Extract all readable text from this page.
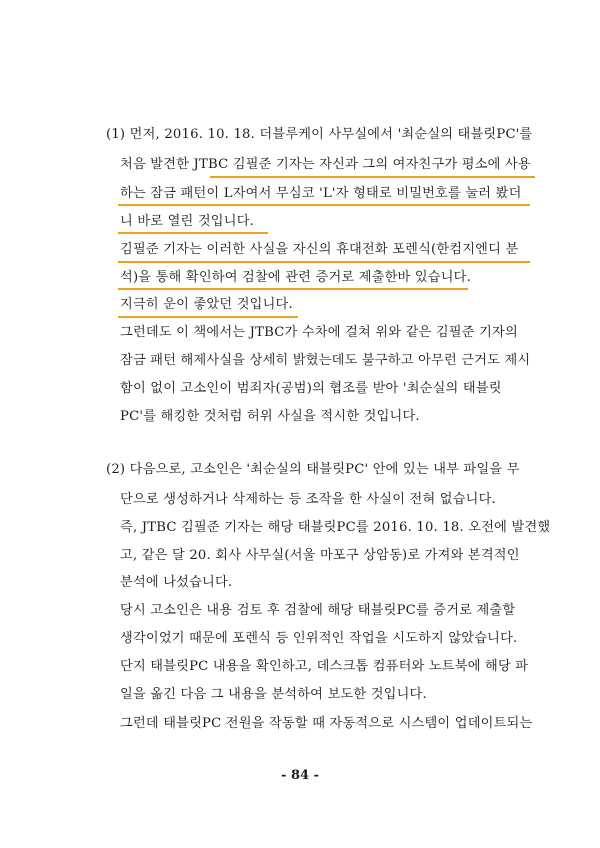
(1) 먼저, 2016. 10. 18. 더블루케이 사무실에서 '최순실의 태블릿PC'를
처음 발견한 JTBC 김필준 기자는 자신과 그의 여자친구가 평소에 사용
하는 잠금 패턴이 L자여서 무심코 'L'자 형태로 비밀번호를 눌러 봤더
니 바로 열린 것입니다.
김필준 기자는 이러한 사실을 자신의 휴대전화 포렌식(한컴지엔디 분
석)을 통해 확인하여 검찰에 관련 증거로 제출한바 있습니다.
지극히 운이 좋았던 것입니다.
그런데도 이 책에서는 JTBC가 수차에 걸쳐 위와 같은 김필준 기자의
잠금 패턴 해제사실을 상세히 밝혔는데도 불구하고 아무런 근거도 제시
함이 없이 고소인이 범죄자(공범)의 협조를 받아 '최순실의 태블릿
PC'를 해킹한 것처럼 허위 사실을 적시한 것입니다.
(2) 다음으로, 고소인은 '최순실의 태블릿PC' 안에 있는 내부 파일을 무
단으로 생성하거나 삭제하는 등 조작을 한 사실이 전혀 없습니다.
즉, JTBC 김필준 기자는 해당 태블릿PC를 2016. 10. 18. 오전에 발견했
고, 같은 달 20. 회사 사무실(서울 마포구 상암동)로 가져와 본격적인
분석에 나섰습니다.
당시 고소인은 내용 검토 후 검찰에 해당 태블릿PC를 증거로 제출할
생각이었기 때문에 포렌식 등 인위적인 작업을 시도하지 않았습니다.
단지 태블릿PC 내용을 확인하고, 데스크톱 컴퓨터와 노트북에 해당 파
일을 옮긴 다음 그 내용을 분석하여 보도한 것입니다.
그런데 태블릿PC 전원을 작동할 때 자동적으로 시스템이 업데이트되는
- 84 -
